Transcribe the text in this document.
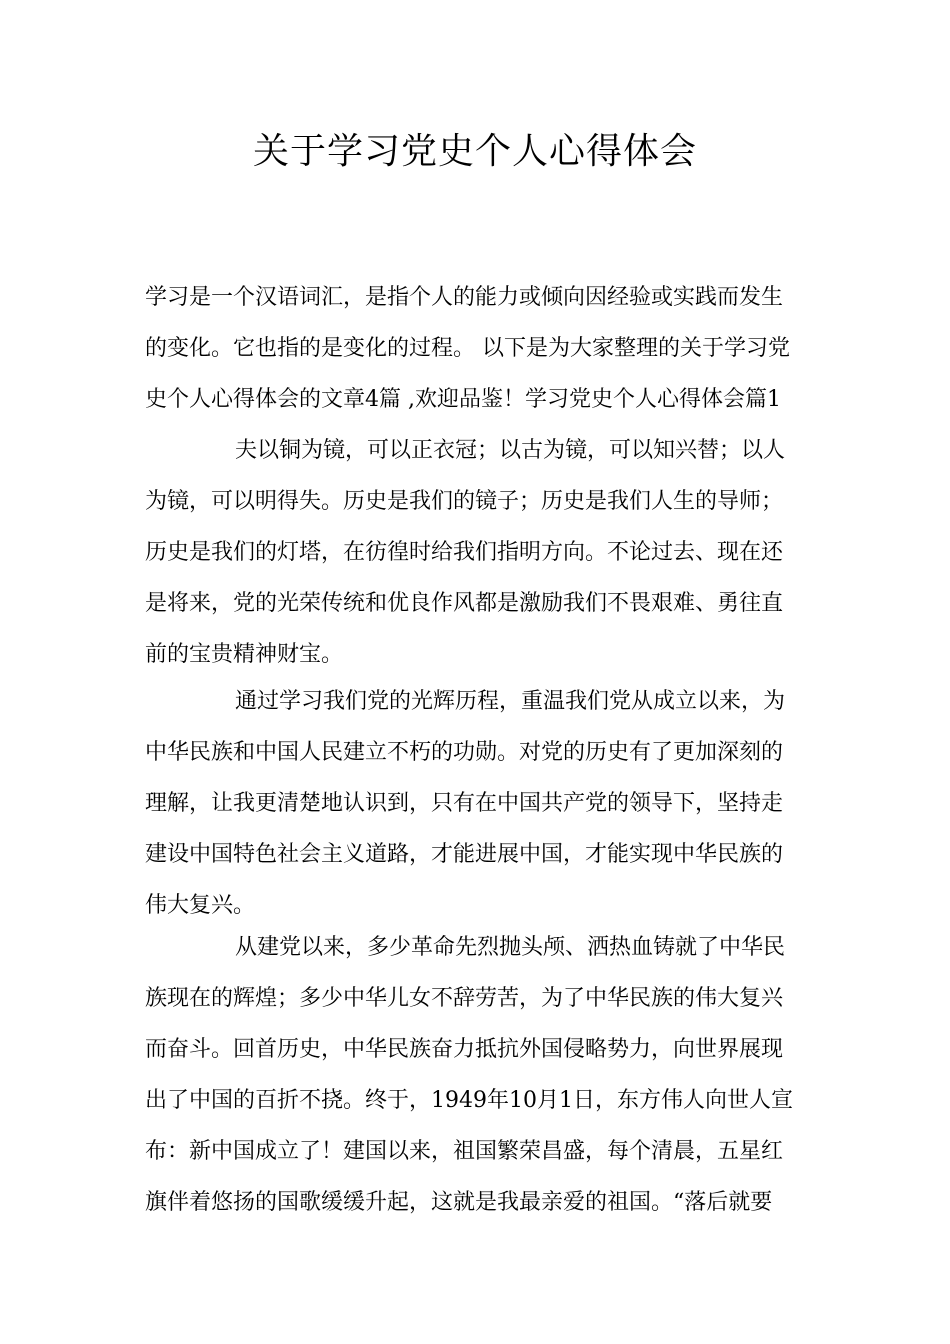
关于学习党史个人心得体会
学习是一个汉语词汇，是指个人的能力或倾向因经验或实践而发生
的变化。它也指的是变化的过程。 以下是为大家整理的关于学习党
史个人心得体会的文章4篇 ,欢迎品鉴！学习党史个人心得体会篇1
夫以铜为镜，可以正衣冠；以古为镜，可以知兴替；以人
为镜，可以明得失。历史是我们的镜子；历史是我们人生的导师；
历史是我们的灯塔，在彷徨时给我们指明方向。不论过去、现在还
是将来，党的光荣传统和优良作风都是激励我们不畏艰难、勇往直
前的宝贵精神财宝。
通过学习我们党的光辉历程，重温我们党从成立以来，为
中华民族和中国人民建立不朽的功勋。对党的历史有了更加深刻的
理解，让我更清楚地认识到，只有在中国共产党的领导下，坚持走
建设中国特色社会主义道路，才能进展中国，才能实现中华民族的
伟大复兴。
从建党以来，多少革命先烈抛头颅、洒热血铸就了中华民
族现在的辉煌；多少中华儿女不辞劳苦，为了中华民族的伟大复兴
而奋斗。回首历史，中华民族奋力抵抗外国侵略势力，向世界展现
出了中国的百折不挠。终于，1949年10月1日，东方伟人向世人宣
布：新中国成立了！建国以来，祖国繁荣昌盛，每个清晨，五星红
旗伴着悠扬的国歌缓缓升起，这就是我最亲爱的祖国。“落后就要
